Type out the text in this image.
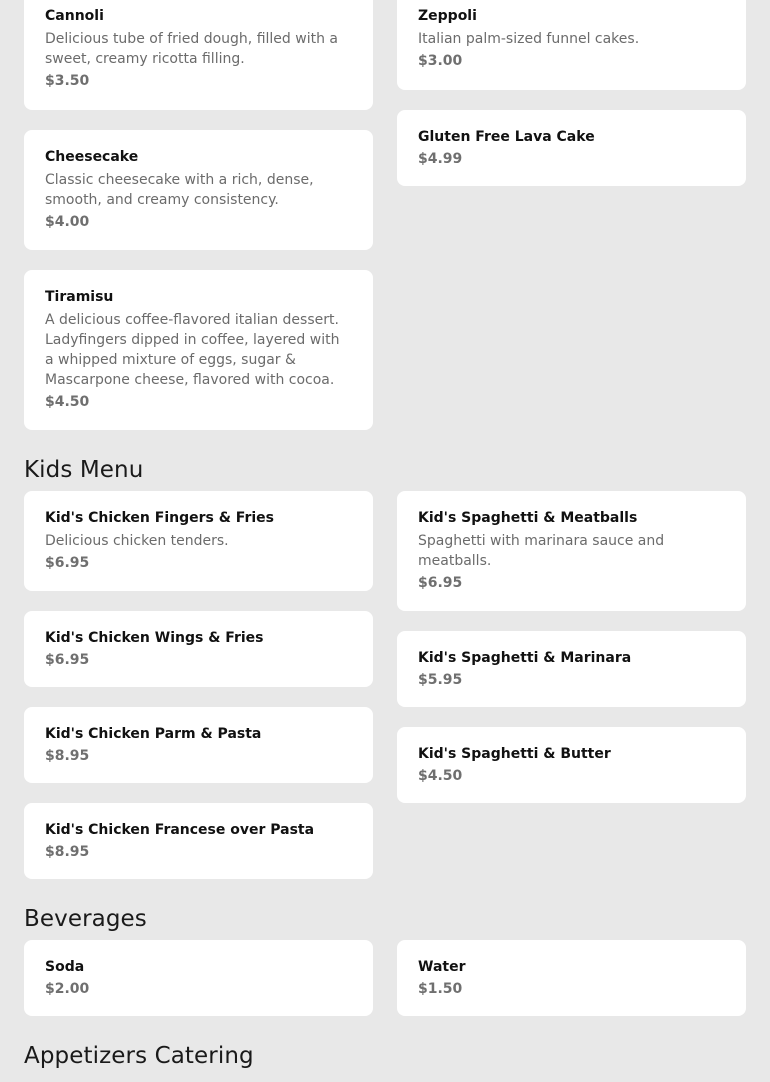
Cannoli
Delicious tube of fried dough, filled with a sweet, creamy ricotta filling.
$3.50
Zeppoli
Italian palm-sized funnel cakes.
$3.00
Cheesecake
Classic cheesecake with a rich, dense, smooth, and creamy consistency.
$4.00
Gluten Free Lava Cake
$4.99
Tiramisu
A delicious coffee-flavored italian dessert. Ladyfingers dipped in coffee, layered with a whipped mixture of eggs, sugar & Mascarpone cheese, flavored with cocoa.
$4.50
Kids Menu
Kid's Chicken Fingers & Fries
Delicious chicken tenders.
$6.95
Kid's Spaghetti & Meatballs
Spaghetti with marinara sauce and meatballs.
$6.95
Kid's Chicken Wings & Fries
$6.95	Kid's Spaghetti & Marinara
$5.95
Kid's Chicken Parm & Pasta
$8.95	Kid's Spaghetti & Butter
$4.50
Kid's Chicken Francese over Pasta
$8.95
Beverages
Soda
$2.00
Water
$1.50
Appetizers Catering
